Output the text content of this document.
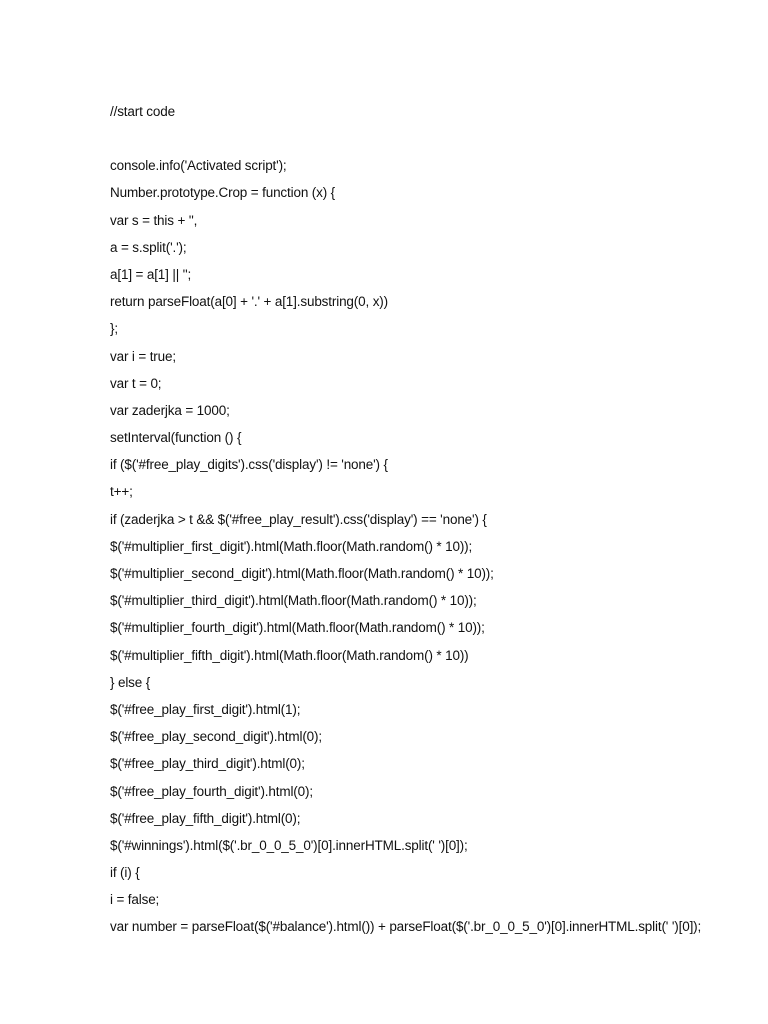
//start code
console.info('Activated script');
Number.prototype.Crop = function (x) {
var s = this + '',
a = s.split('.');
a[1] = a[1] || '';
return parseFloat(a[0] + '.' + a[1].substring(0, x))
};
var i = true;
var t = 0;
var zaderjka = 1000;
setInterval(function () {
if ($('#free_play_digits').css('display') != 'none') {
t++;
if (zaderjka > t && $('#free_play_result').css('display') == 'none') {
$('#multiplier_first_digit').html(Math.floor(Math.random() * 10));
$('#multiplier_second_digit').html(Math.floor(Math.random() * 10));
$('#multiplier_third_digit').html(Math.floor(Math.random() * 10));
$('#multiplier_fourth_digit').html(Math.floor(Math.random() * 10));
$('#multiplier_fifth_digit').html(Math.floor(Math.random() * 10))
} else {
$('#free_play_first_digit').html(1);
$('#free_play_second_digit').html(0);
$('#free_play_third_digit').html(0);
$('#free_play_fourth_digit').html(0);
$('#free_play_fifth_digit').html(0);
$('#winnings').html($('.br_0_0_5_0')[0].innerHTML.split(' ')[0]);
if (i) {
i = false;
var number = parseFloat($('#balance').html()) + parseFloat($('.br_0_0_5_0')[0].innerHTML.split(' ')[0]);
